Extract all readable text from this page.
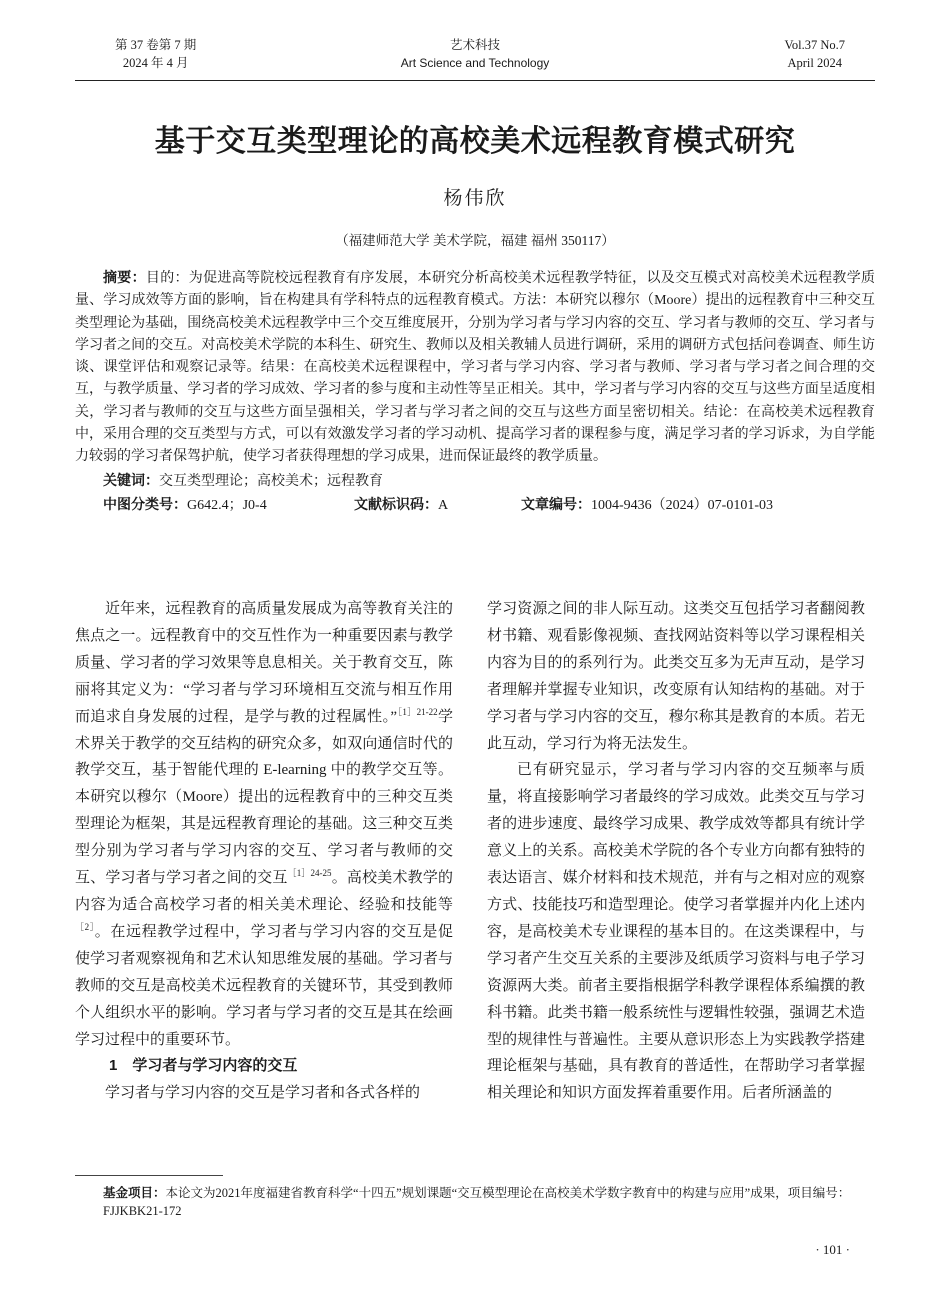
第 37 卷第 7 期
2024 年 4 月
艺术科技
Art Science and Technology
Vol.37 No.7
April 2024
基于交互类型理论的高校美术远程教育模式研究
杨伟欣
（福建师范大学 美术学院，福建 福州 350117）

摘要：目的：为促进高等院校远程教育有序发展，本研究分析高校美术远程教学特征，以及交互模式对高校美术远程教学质量、学习成效等方面的影响，旨在构建具有学科特点的远程教育模式。方法：本研究以穆尔（Moore）提出的远程教育中三种交互类型理论为基础，围绕高校美术远程教学中三个交互维度展开，分别为学习者与学习内容的交互、学习者与教师的交互、学习者与学习者之间的交互。对高校美术学院的本科生、研究生、教师以及相关教辅人员进行调研，采用的调研方式包括问卷调查、师生访谈、课堂评估和观察记录等。结果：在高校美术远程课程中，学习者与学习内容、学习者与教师、学习者与学习者之间合理的交互，与教学质量、学习者的学习成效、学习者的参与度和主动性等呈正相关。其中，学习者与学习内容的交互与这些方面呈适度相关，学习者与教师的交互与这些方面呈强相关，学习者与学习者之间的交互与这些方面呈密切相关。结论：在高校美术远程教育中，采用合理的交互类型与方式，可以有效激发学习者的学习动机、提高学习者的课程参与度，满足学习者的学习诉求，为自学能力较弱的学习者保驾护航，使学习者获得理想的学习成果，进而保证最终的教学质量。

关键词：交互类型理论；高校美术；远程教育

中图分类号：G642.4；J0-4	文献标识码：A	文章编号：1004-9436（2024）07-0101-03

近年来，远程教育的高质量发展成为高等教育关注的焦点之一。远程教育中的交互性作为一种重要因素与教学质量、学习者的学习效果等息息相关。关于教育交互，陈丽将其定义为：“学习者与学习环境相互交流与相互作用而追求自身发展的过程，是学与教的过程属性。”$^{[1]21-22}$学术界关于教学的交互结构的研究众多，如双向通信时代的教学交互，基于智能代理的 E-learning 中的教学交互等。本研究以穆尔（Moore）提出的远程教育中的三种交互类型理论为框架，其是远程教育理论的基础。这三种交互类型分别为学习者与学习内容的交互、学习者与教师的交互、学习者与学习者之间的交互$^{[1]24-25}$。高校美术教学的内容为适合高校学习者的相关美术理论、经验和技能等$^{[2]}$。在远程教学过程中，学习者与学习内容的交互是促使学习者观察视角和艺术认知思维发展的基础。学习者与教师的交互是高校美术远程教育的关键环节，其受到教师个人组织水平的影响。学习者与学习者的交互是其在绘画学习过程中的重要环节。

1　学习者与学习内容的交互

学习者与学习内容的交互是学习者和各式各样的

学习资源之间的非人际互动。这类交互包括学习者翻阅教材书籍、观看影像视频、查找网站资料等以学习课程相关内容为目的的系列行为。此类交互多为无声互动，是学习者理解并掌握专业知识，改变原有认知结构的基础。对于学习者与学习内容的交互，穆尔称其是教育的本质。若无此互动，学习行为将无法发生。

已有研究显示，学习者与学习内容的交互频率与质量，将直接影响学习者最终的学习成效。此类交互与学习者的进步速度、最终学习成果、教学成效等都具有统计学意义上的关系。高校美术学院的各个专业方向都有独特的表达语言、媒介材料和技术规范，并有与之相对应的观察方式、技能技巧和造型理论。使学习者掌握并内化上述内容，是高校美术专业课程的基本目的。在这类课程中，与学习者产生交互关系的主要涉及纸质学习资料与电子学习资源两大类。前者主要指根据学科教学课程体系编撰的教科书籍。此类书籍一般系统性与逻辑性较强，强调艺术造型的规律性与普遍性。主要从意识形态上为实践教学搭建理论框架与基础，具有教育的普适性，在帮助学习者掌握相关理论和知识方面发挥着重要作用。后者所涵盖的

基金项目：本论文为2021年度福建省教育科学“十四五”规划课题“交互模型理论在高校美术学数字教育中的构建与应用”成果，项目编号：FJJKBK21-172
· 101 ·
